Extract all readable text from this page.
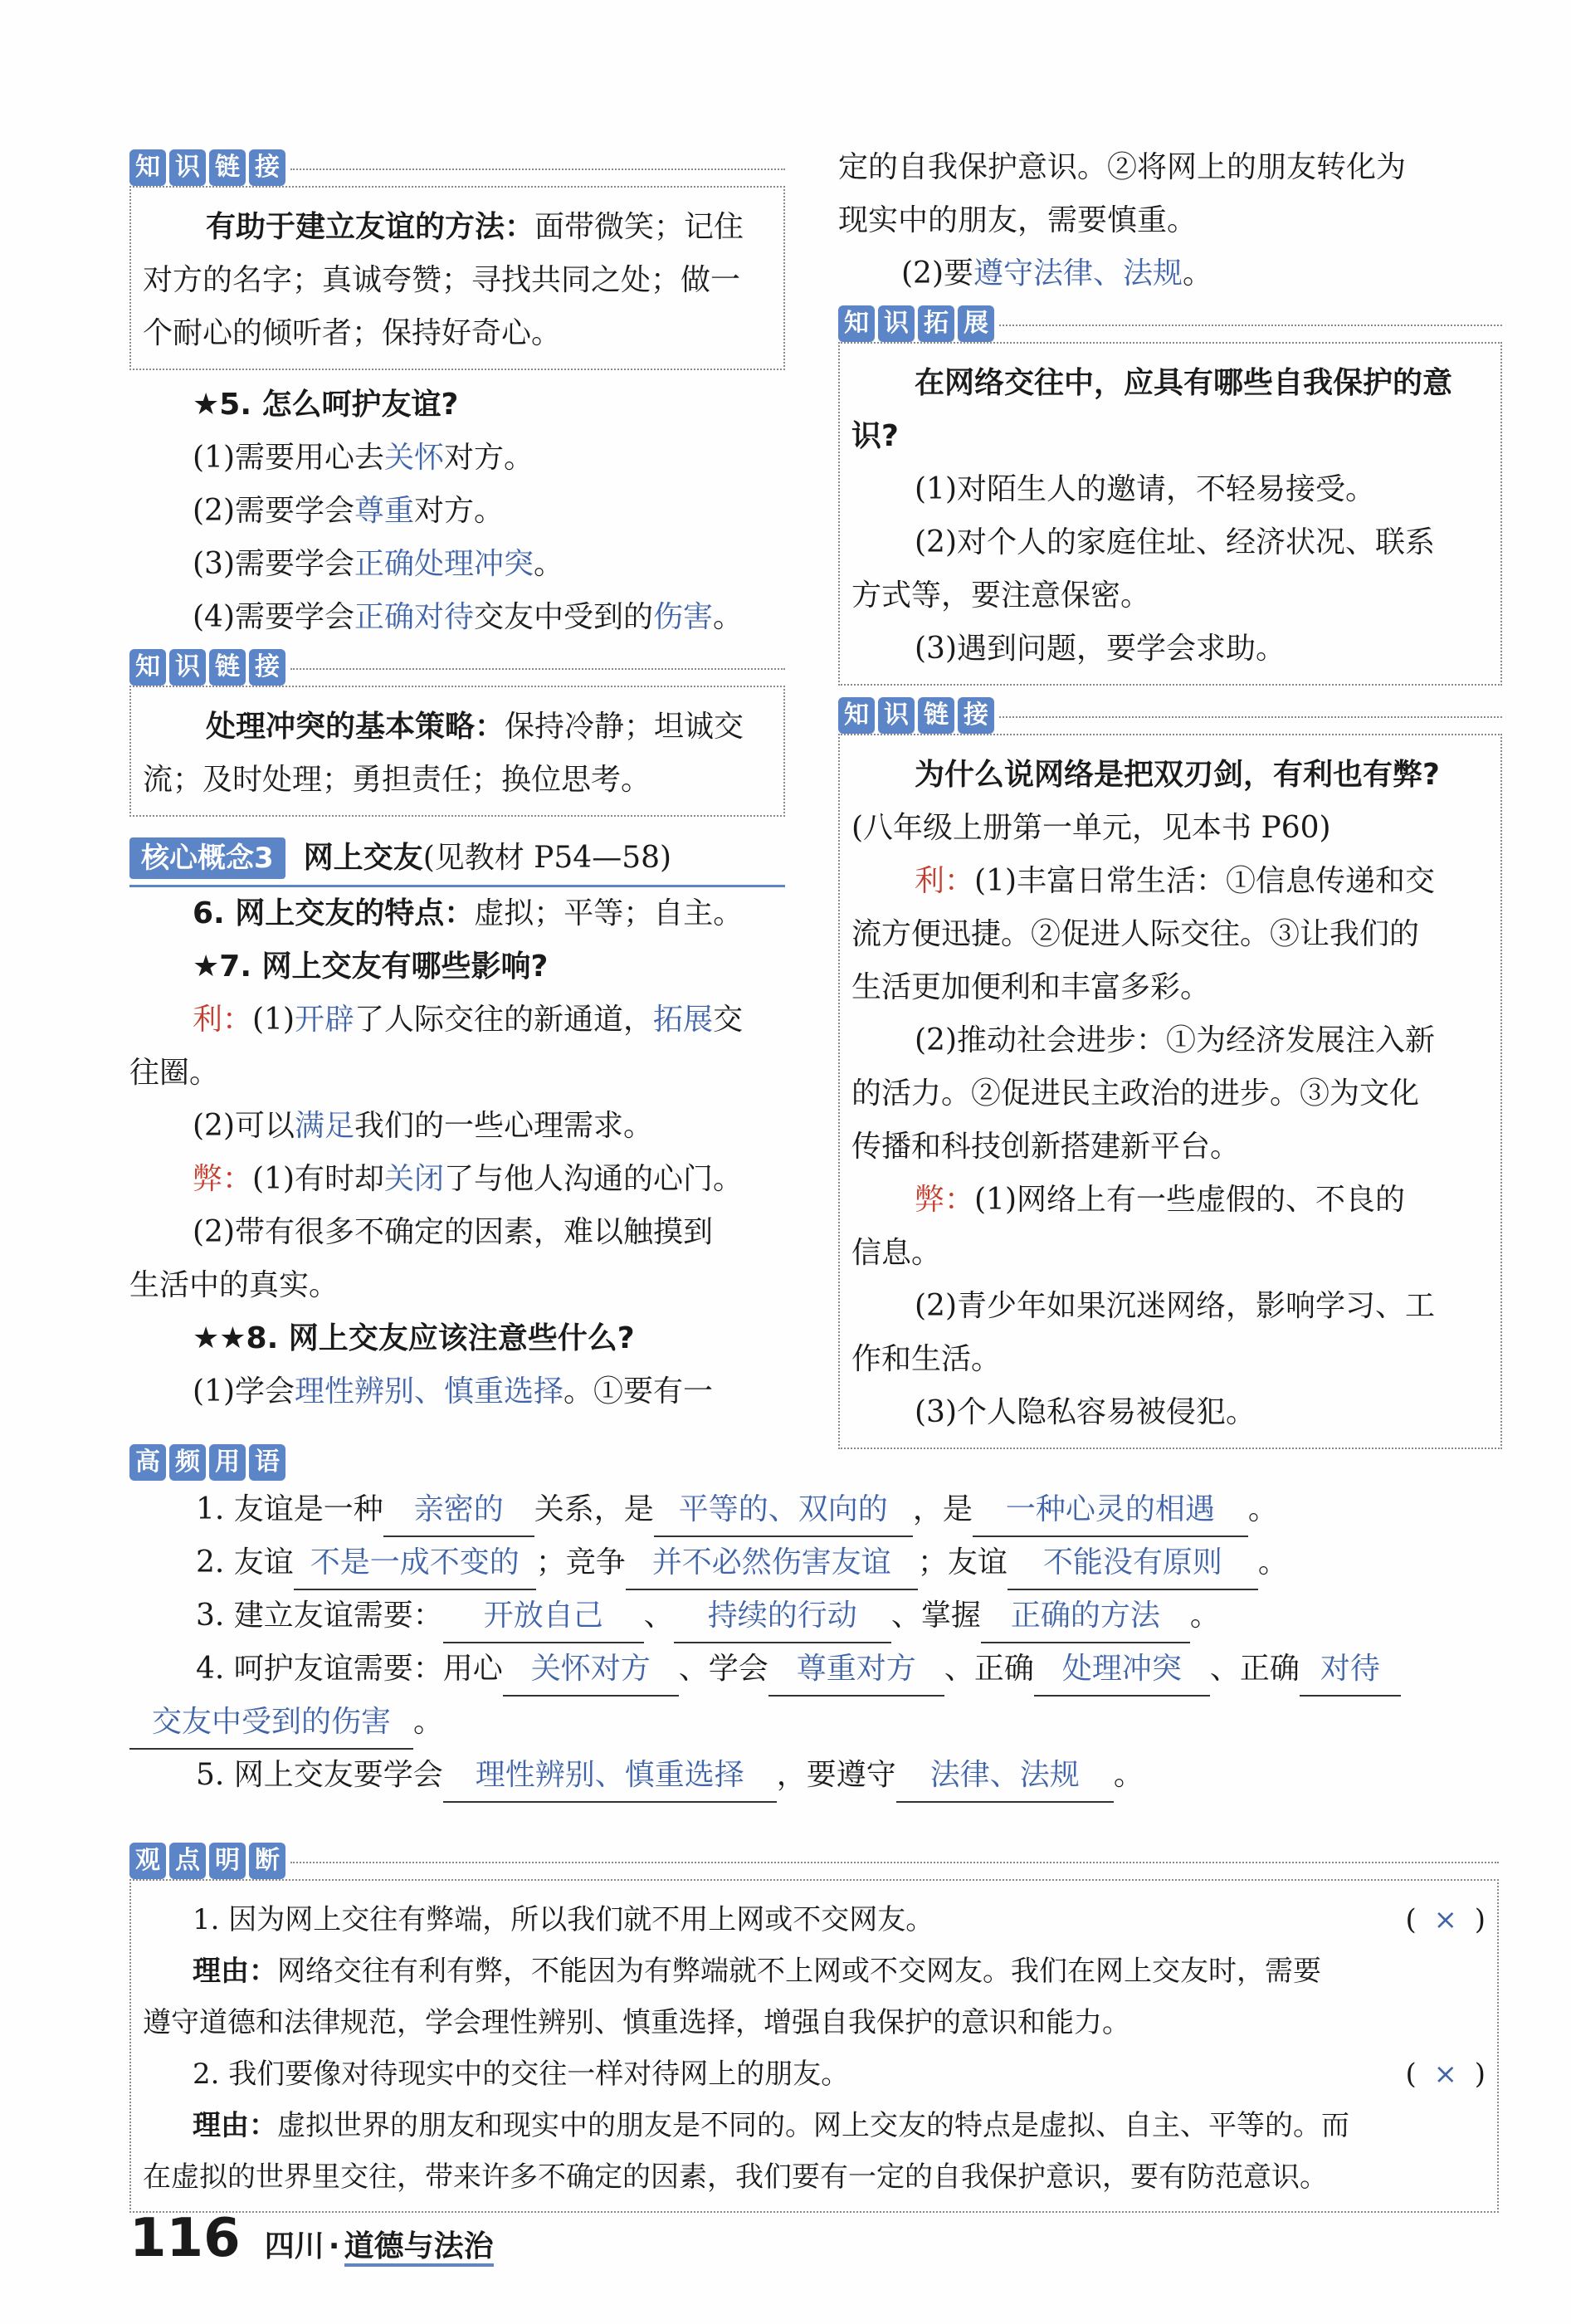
知 识 链 接

有助于建立友谊的方法：面带微笑；记住

对方的名字；真诚夸赞；寻找共同之处；做一

个耐心的倾听者；保持好奇心。

★5. 怎么呵护友谊?

(1)需要用心去关怀对方。

(2)需要学会尊重对方。

(3)需要学会正确处理冲突。

(4)需要学会正确对待交友中受到的伤害。

知 识 链 接

处理冲突的基本策略：保持冷静；坦诚交

流；及时处理；勇担责任；换位思考。

核心概念3	网上交友 (见教材 P54—58)

6. 网上交友的特点：虚拟；平等；自主。

★7. 网上交友有哪些影响?

利：(1)开辟了人际交往的新通道，拓展交

往圈。

(2)可以满足我们的一些心理需求。

弊：(1)有时却关闭了与他人沟通的心门。

(2)带有很多不确定的因素，难以触摸到

生活中的真实。

★★8. 网上交友应该注意些什么?

(1)学会理性辨别、慎重选择。①要有一

定的自我保护意识。②将网上的朋友转化为

现实中的朋友，需要慎重。

(2)要遵守法律、法规。

知 识 拓 展

在网络交往中，应具有哪些自我保护的意识?

(1)对陌生人的邀请，不轻易接受。

(2)对个人的家庭住址、经济状况、联系

方式等，要注意保密。

(3)遇到问题，要学会求助。

知 识 链 接

为什么说网络是把双刃剑，有利也有弊?

(八年级上册第一单元，见本书 P60)

利：(1)丰富日常生活：①信息传递和交

流方便迅捷。②促进人际交往。③让我们的

生活更加便利和丰富多彩。

(2)推动社会进步：①为经济发展注入新

的活力。②促进民主政治的进步。③为文化

传播和科技创新搭建新平台。

弊：(1)网络上有一些虚假的、不良的

信息。

(2)青少年如果沉迷网络，影响学习、工

作和生活。

(3)个人隐私容易被侵犯。

高 频 用 语

1. 友谊是一种 亲密的 关系，是 平等的、双向的 ，是 一种心灵的相遇 。

2. 友谊 不是一成不变的 ；竞争 并不必然伤害友谊 ；友谊 不能没有原则 。

3. 建立友谊需要： 开放自己 、 持续的行动 、掌握 正确的方法 。

4. 呵护友谊需要：用心 关怀对方 、学会 尊重对方 、正确 处理冲突 、正确 对待

交友中受到的伤害 。

5. 网上交友要学会 理性辨别、慎重选择 ，要遵守 法律、法规 。

观 点 明 断

1. 因为网上交往有弊端，所以我们就不用上网或不交网友。	( × )

理由：网络交往有利有弊，不能因为有弊端就不上网或不交网友。我们在网上交友时，需要

遵守道德和法律规范，学会理性辨别、慎重选择，增强自我保护的意识和能力。

2. 我们要像对待现实中的交往一样对待网上的朋友。	( × )

理由：虚拟世界的朋友和现实中的朋友是不同的。网上交友的特点是虚拟、自主、平等的。而

在虚拟的世界里交往，带来许多不确定的因素，我们要有一定的自我保护意识，要有防范意识。

116 四川 · 道德与法治
